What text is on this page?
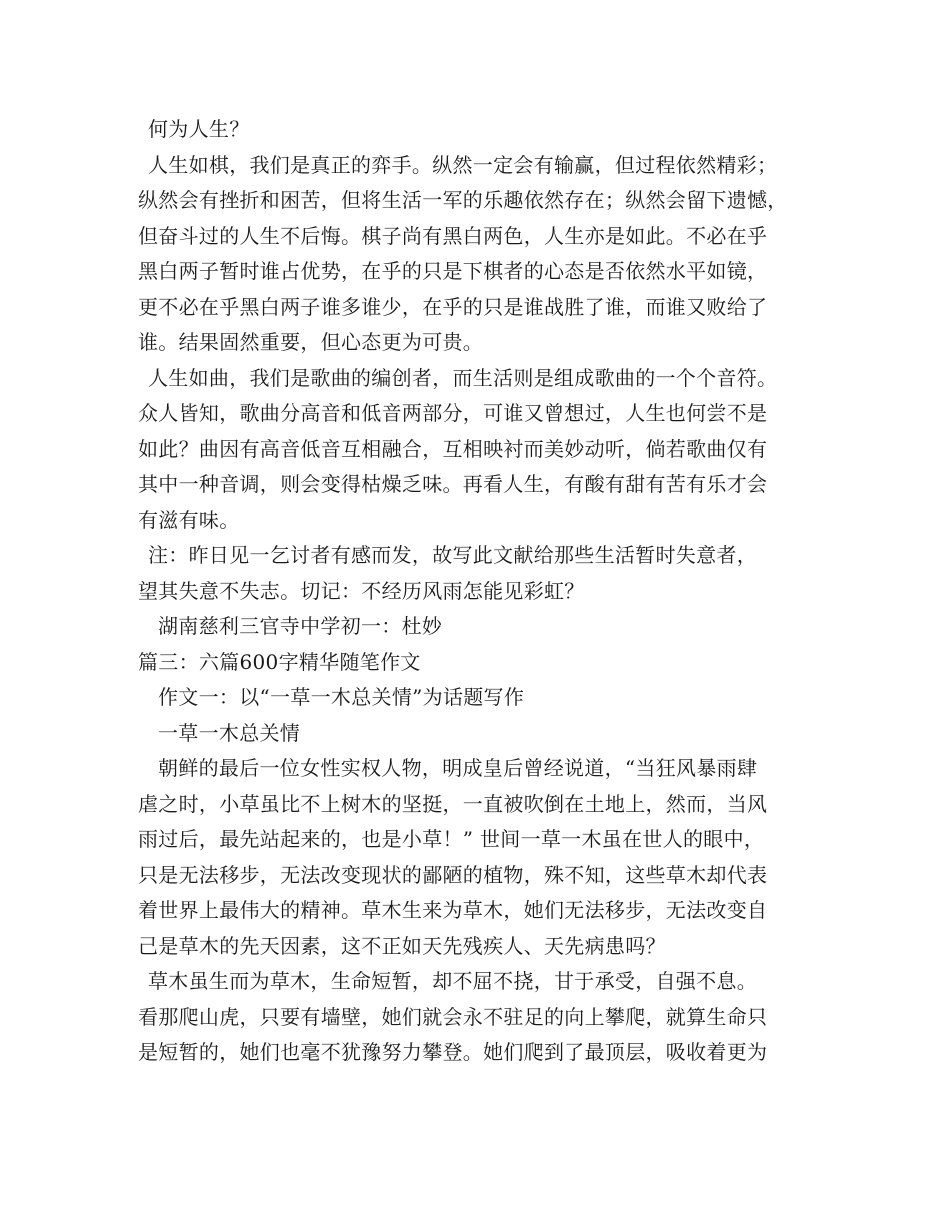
何为人生？
人生如棋，我们是真正的弈手。纵然一定会有输赢，但过程依然精彩；
纵然会有挫折和困苦，但将生活一军的乐趣依然存在；纵然会留下遗憾，
但奋斗过的人生不后悔。棋子尚有黑白两色，人生亦是如此。不必在乎
黑白两子暂时谁占优势，在乎的只是下棋者的心态是否依然水平如镜，
更不必在乎黑白两子谁多谁少，在乎的只是谁战胜了谁，而谁又败给了
谁。结果固然重要，但心态更为可贵。
人生如曲，我们是歌曲的编创者，而生活则是组成歌曲的一个个音符。
众人皆知，歌曲分高音和低音两部分，可谁又曾想过，人生也何尝不是
如此？曲因有高音低音互相融合，互相映衬而美妙动听，倘若歌曲仅有
其中一种音调，则会变得枯燥乏味。再看人生，有酸有甜有苦有乐才会
有滋有味。
注：昨日见一乞讨者有感而发，故写此文献给那些生活暂时失意者，
望其失意不失志。切记：不经历风雨怎能见彩虹？
湖南慈利三官寺中学初一：杜妙
篇三：六篇600字精华随笔作文
作文一：以“一草一木总关情”为话题写作
一草一木总关情
朝鲜的最后一位女性实权人物，明成皇后曾经说道，“当狂风暴雨肆
虐之时，小草虽比不上树木的坚挺，一直被吹倒在土地上，然而，当风
雨过后，最先站起来的，也是小草！” 世间一草一木虽在世人的眼中，
只是无法移步，无法改变现状的鄙陋的植物，殊不知，这些草木却代表
着世界上最伟大的精神。草木生来为草木，她们无法移步，无法改变自
己是草木的先天因素，这不正如天先残疾人、天先病患吗？
草木虽生而为草木，生命短暂，却不屈不挠，甘于承受，自强不息。
看那爬山虎，只要有墙壁，她们就会永不驻足的向上攀爬，就算生命只
是短暂的，她们也毫不犹豫努力攀登。她们爬到了最顶层，吸收着更为
